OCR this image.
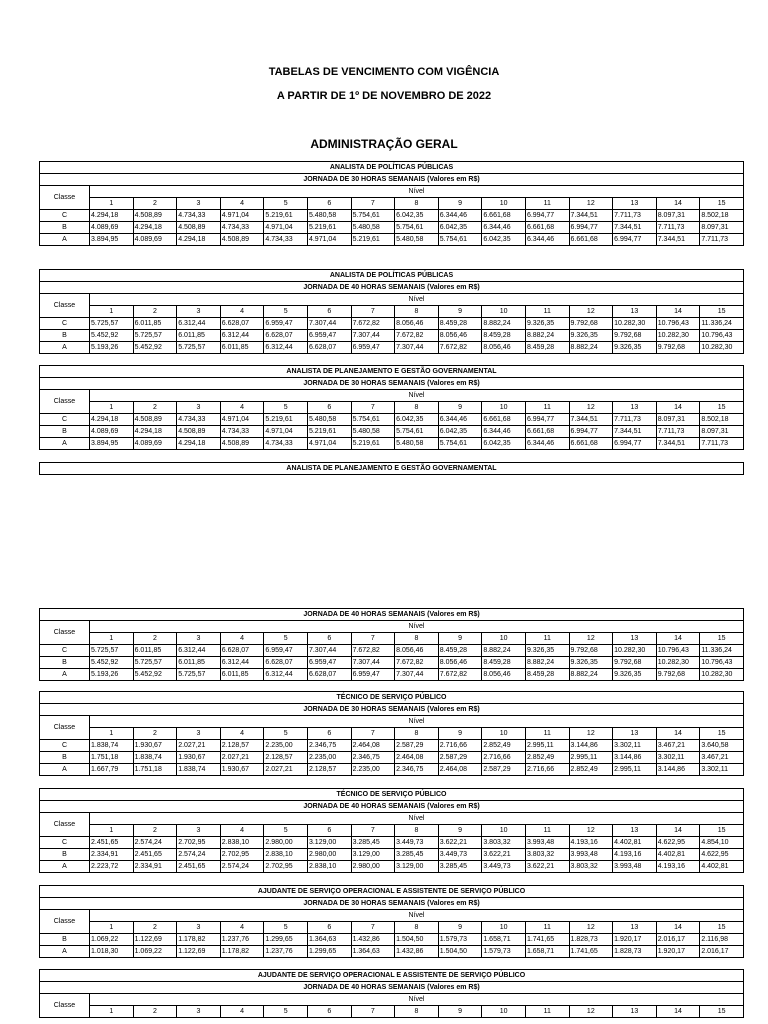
TABELAS DE VENCIMENTO COM VIGÊNCIA
A PARTIR DE 1º DE NOVEMBRO DE 2022
ADMINISTRAÇÃO GERAL
ANALISTA DE POLÍTICAS PÚBLICAS															
JORNADA DE 30 HORAS SEMANAIS (Valores em R$)															
Classe	Nível														
	1	2	3	4	5	6	7	8	9	10	11	12	13	14	15
C	4.294,18	4.508,89	4.734,33	4.971,04	5.219,61	5.480,58	5.754,61	6.042,35	6.344,46	6.661,68	6.994,77	7.344,51	7.711,73	8.097,31	8.502,18
B	4.089,69	4.294,18	4.508,89	4.734,33	4.971,04	5.219,61	5.480,58	5.754,61	6.042,35	6.344,46	6.661,68	6.994,77	7.344,51	7.711,73	8.097,31
A	3.894,95	4.089,69	4.294,18	4.508,89	4.734,33	4.971,04	5.219,61	5.480,58	5.754,61	6.042,35	6.344,46	6.661,68	6.994,77	7.344,51	7.711,73
ANALISTA DE POLÍTICAS PÚBLICAS															
JORNADA DE 40 HORAS SEMANAIS (Valores em R$)															
Classe	Nível														
	1	2	3	4	5	6	7	8	9	10	11	12	13	14	15
C	5.725,57	6.011,85	6.312,44	6.628,07	6.959,47	7.307,44	7.672,82	8.056,46	8.459,28	8.882,24	9.326,35	9.792,68	10.282,30	10.796,43	11.336,24
B	5.452,92	5.725,57	6.011,85	6.312,44	6.628,07	6.959,47	7.307,44	7.672,82	8.056,46	8.459,28	8.882,24	9.326,35	9.792,68	10.282,30	10.796,43
A	5.193,26	5.452,92	5.725,57	6.011,85	6.312,44	6.628,07	6.959,47	7.307,44	7.672,82	8.056,46	8.459,28	8.882,24	9.326,35	9.792,68	10.282,30
ANALISTA DE PLANEJAMENTO E GESTÃO GOVERNAMENTAL															
JORNADA DE 30 HORAS SEMANAIS (Valores em R$)															
Classe	Nível														
	1	2	3	4	5	6	7	8	9	10	11	12	13	14	15
C	4.294,18	4.508,89	4.734,33	4.971,04	5.219,61	5.480,58	5.754,61	6.042,35	6.344,46	6.661,68	6.994,77	7.344,51	7.711,73	8.097,31	8.502,18
B	4.089,69	4.294,18	4.508,89	4.734,33	4.971,04	5.219,61	5.480,58	5.754,61	6.042,35	6.344,46	6.661,68	6.994,77	7.344,51	7.711,73	8.097,31
A	3.894,95	4.089,69	4.294,18	4.508,89	4.734,33	4.971,04	5.219,61	5.480,58	5.754,61	6.042,35	6.344,46	6.661,68	6.994,77	7.344,51	7.711,73
ANALISTA DE PLANEJAMENTO E GESTÃO GOVERNAMENTAL
JORNADA DE 40 HORAS SEMANAIS (Valores em R$)															
Classe	Nível														
	1	2	3	4	5	6	7	8	9	10	11	12	13	14	15
C	5.725,57	6.011,85	6.312,44	6.628,07	6.959,47	7.307,44	7.672,82	8.056,46	8.459,28	8.882,24	9.326,35	9.792,68	10.282,30	10.796,43	11.336,24
B	5.452,92	5.725,57	6.011,85	6.312,44	6.628,07	6.959,47	7.307,44	7.672,82	8.056,46	8.459,28	8.882,24	9.326,35	9.792,68	10.282,30	10.796,43
A	5.193,26	5.452,92	5.725,57	6.011,85	6.312,44	6.628,07	6.959,47	7.307,44	7.672,82	8.056,46	8.459,28	8.882,24	9.326,35	9.792,68	10.282,30
TÉCNICO DE SERVIÇO PÚBLICO															
JORNADA DE 30 HORAS SEMANAIS (Valores em R$)															
Classe	Nível														
	1	2	3	4	5	6	7	8	9	10	11	12	13	14	15
C	1.838,74	1.930,67	2.027,21	2.128,57	2.235,00	2.346,75	2.464,08	2.587,29	2.716,66	2.852,49	2.995,11	3.144,86	3.302,11	3.467,21	3.640,58
B	1.751,18	1.838,74	1.930,67	2.027,21	2.128,57	2.235,00	2.346,75	2.464,08	2.587,29	2.716,66	2.852,49	2.995,11	3.144,86	3.302,11	3.467,21
A	1.667,79	1.751,18	1.838,74	1.930,67	2.027,21	2.128,57	2.235,00	2.346,75	2.464,08	2.587,29	2.716,66	2.852,49	2.995,11	3.144,86	3.302,11
TÉCNICO DE SERVIÇO PÚBLICO															
JORNADA DE 40 HORAS SEMANAIS (Valores em R$)															
Classe	Nível														
	1	2	3	4	5	6	7	8	9	10	11	12	13	14	15
C	2.451,65	2.574,24	2.702,95	2.838,10	2.980,00	3.129,00	3.285,45	3.449,73	3.622,21	3.803,32	3.993,48	4.193,16	4.402,81	4.622,95	4.854,10
B	2.334,91	2.451,65	2.574,24	2.702,95	2.838,10	2.980,00	3.129,00	3.285,45	3.449,73	3.622,21	3.803,32	3.993,48	4.193,16	4.402,81	4.622,95
A	2.223,72	2.334,91	2.451,65	2.574,24	2.702,95	2.838,10	2.980,00	3.129,00	3.285,45	3.449,73	3.622,21	3.803,32	3.993,48	4.193,16	4.402,81
AJUDANTE DE SERVIÇO OPERACIONAL E ASSISTENTE DE SERVIÇO PÚBLICO															
JORNADA DE 30 HORAS SEMANAIS (Valores em R$)															
Classe	Nível														
	1	2	3	4	5	6	7	8	9	10	11	12	13	14	15
B	1.069,22	1.122,69	1.178,82	1.237,76	1.299,65	1.364,63	1.432,86	1.504,50	1.579,73	1.658,71	1.741,65	1.828,73	1.920,17	2.016,17	2.116,98
A	1.018,30	1.069,22	1.122,69	1.178,82	1.237,76	1.299,65	1.364,63	1.432,86	1.504,50	1.579,73	1.658,71	1.741,65	1.828,73	1.920,17	2.016,17
AJUDANTE DE SERVIÇO OPERACIONAL E ASSISTENTE DE SERVIÇO PÚBLICO															
JORNADA DE 40 HORAS SEMANAIS (Valores em R$)															
Classe	Nível														
	1	2	3	4	5	6	7	8	9	10	11	12	13	14	15
